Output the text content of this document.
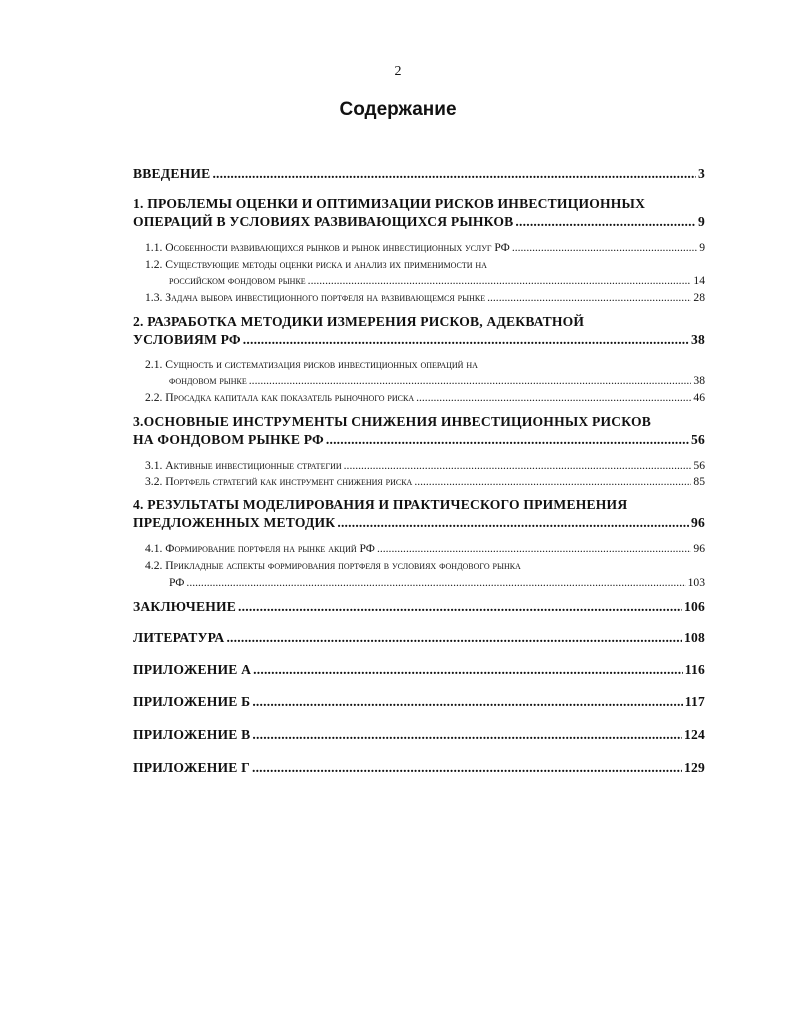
2
Содержание
ВВЕДЕНИЕ .....	3
1. ПРОБЛЕМЫ ОЦЕНКИ И ОПТИМИЗАЦИИ РИСКОВ ИНВЕСТИЦИОННЫХ
ОПЕРАЦИЙ В УСЛОВИЯХ РАЗВИВАЮЩИХСЯ РЫНКОВ .....	9
1.1. Особенности развивающихся рынков и рынок инвестиционных услуг РФ .....	9
1.2. Существующие методы оценки риска и анализ их применимости на
российском фондовом рынке .....	14
1.3. Задача выбора инвестиционного портфеля на развивающемся рынке .....	28
2. РАЗРАБОТКА МЕТОДИКИ ИЗМЕРЕНИЯ РИСКОВ, АДЕКВАТНОЙ
УСЛОВИЯМ РФ .....	38
2.1. Сущность и систематизация рисков инвестиционных операций на
фондовом рынке .....	38
2.2. Просадка капитала как показатель рыночного риска .....	46
3.ОСНОВНЫЕ ИНСТРУМЕНТЫ СНИЖЕНИЯ ИНВЕСТИЦИОННЫХ РИСКОВ
НА ФОНДОВОМ РЫНКЕ РФ .....	56
3.1. Активные инвестиционные стратегии .....	56
3.2. Портфель стратегий как инструмент снижения риска .....	85
4. РЕЗУЛЬТАТЫ МОДЕЛИРОВАНИЯ И ПРАКТИЧЕСКОГО ПРИМЕНЕНИЯ
ПРЕДЛОЖЕННЫХ МЕТОДИК .....	96
4.1. Формирование портфеля на рынке акций РФ .....	96
4.2. Прикладные аспекты формирования портфеля в условиях фондового рынка
РФ .....	103
ЗАКЛЮЧЕНИЕ .....	106
ЛИТЕРАТУРА .....	108
ПРИЛОЖЕНИЕ А .....	116
ПРИЛОЖЕНИЕ Б .....	117
ПРИЛОЖЕНИЕ В .....	124
ПРИЛОЖЕНИЕ Г .....	129
